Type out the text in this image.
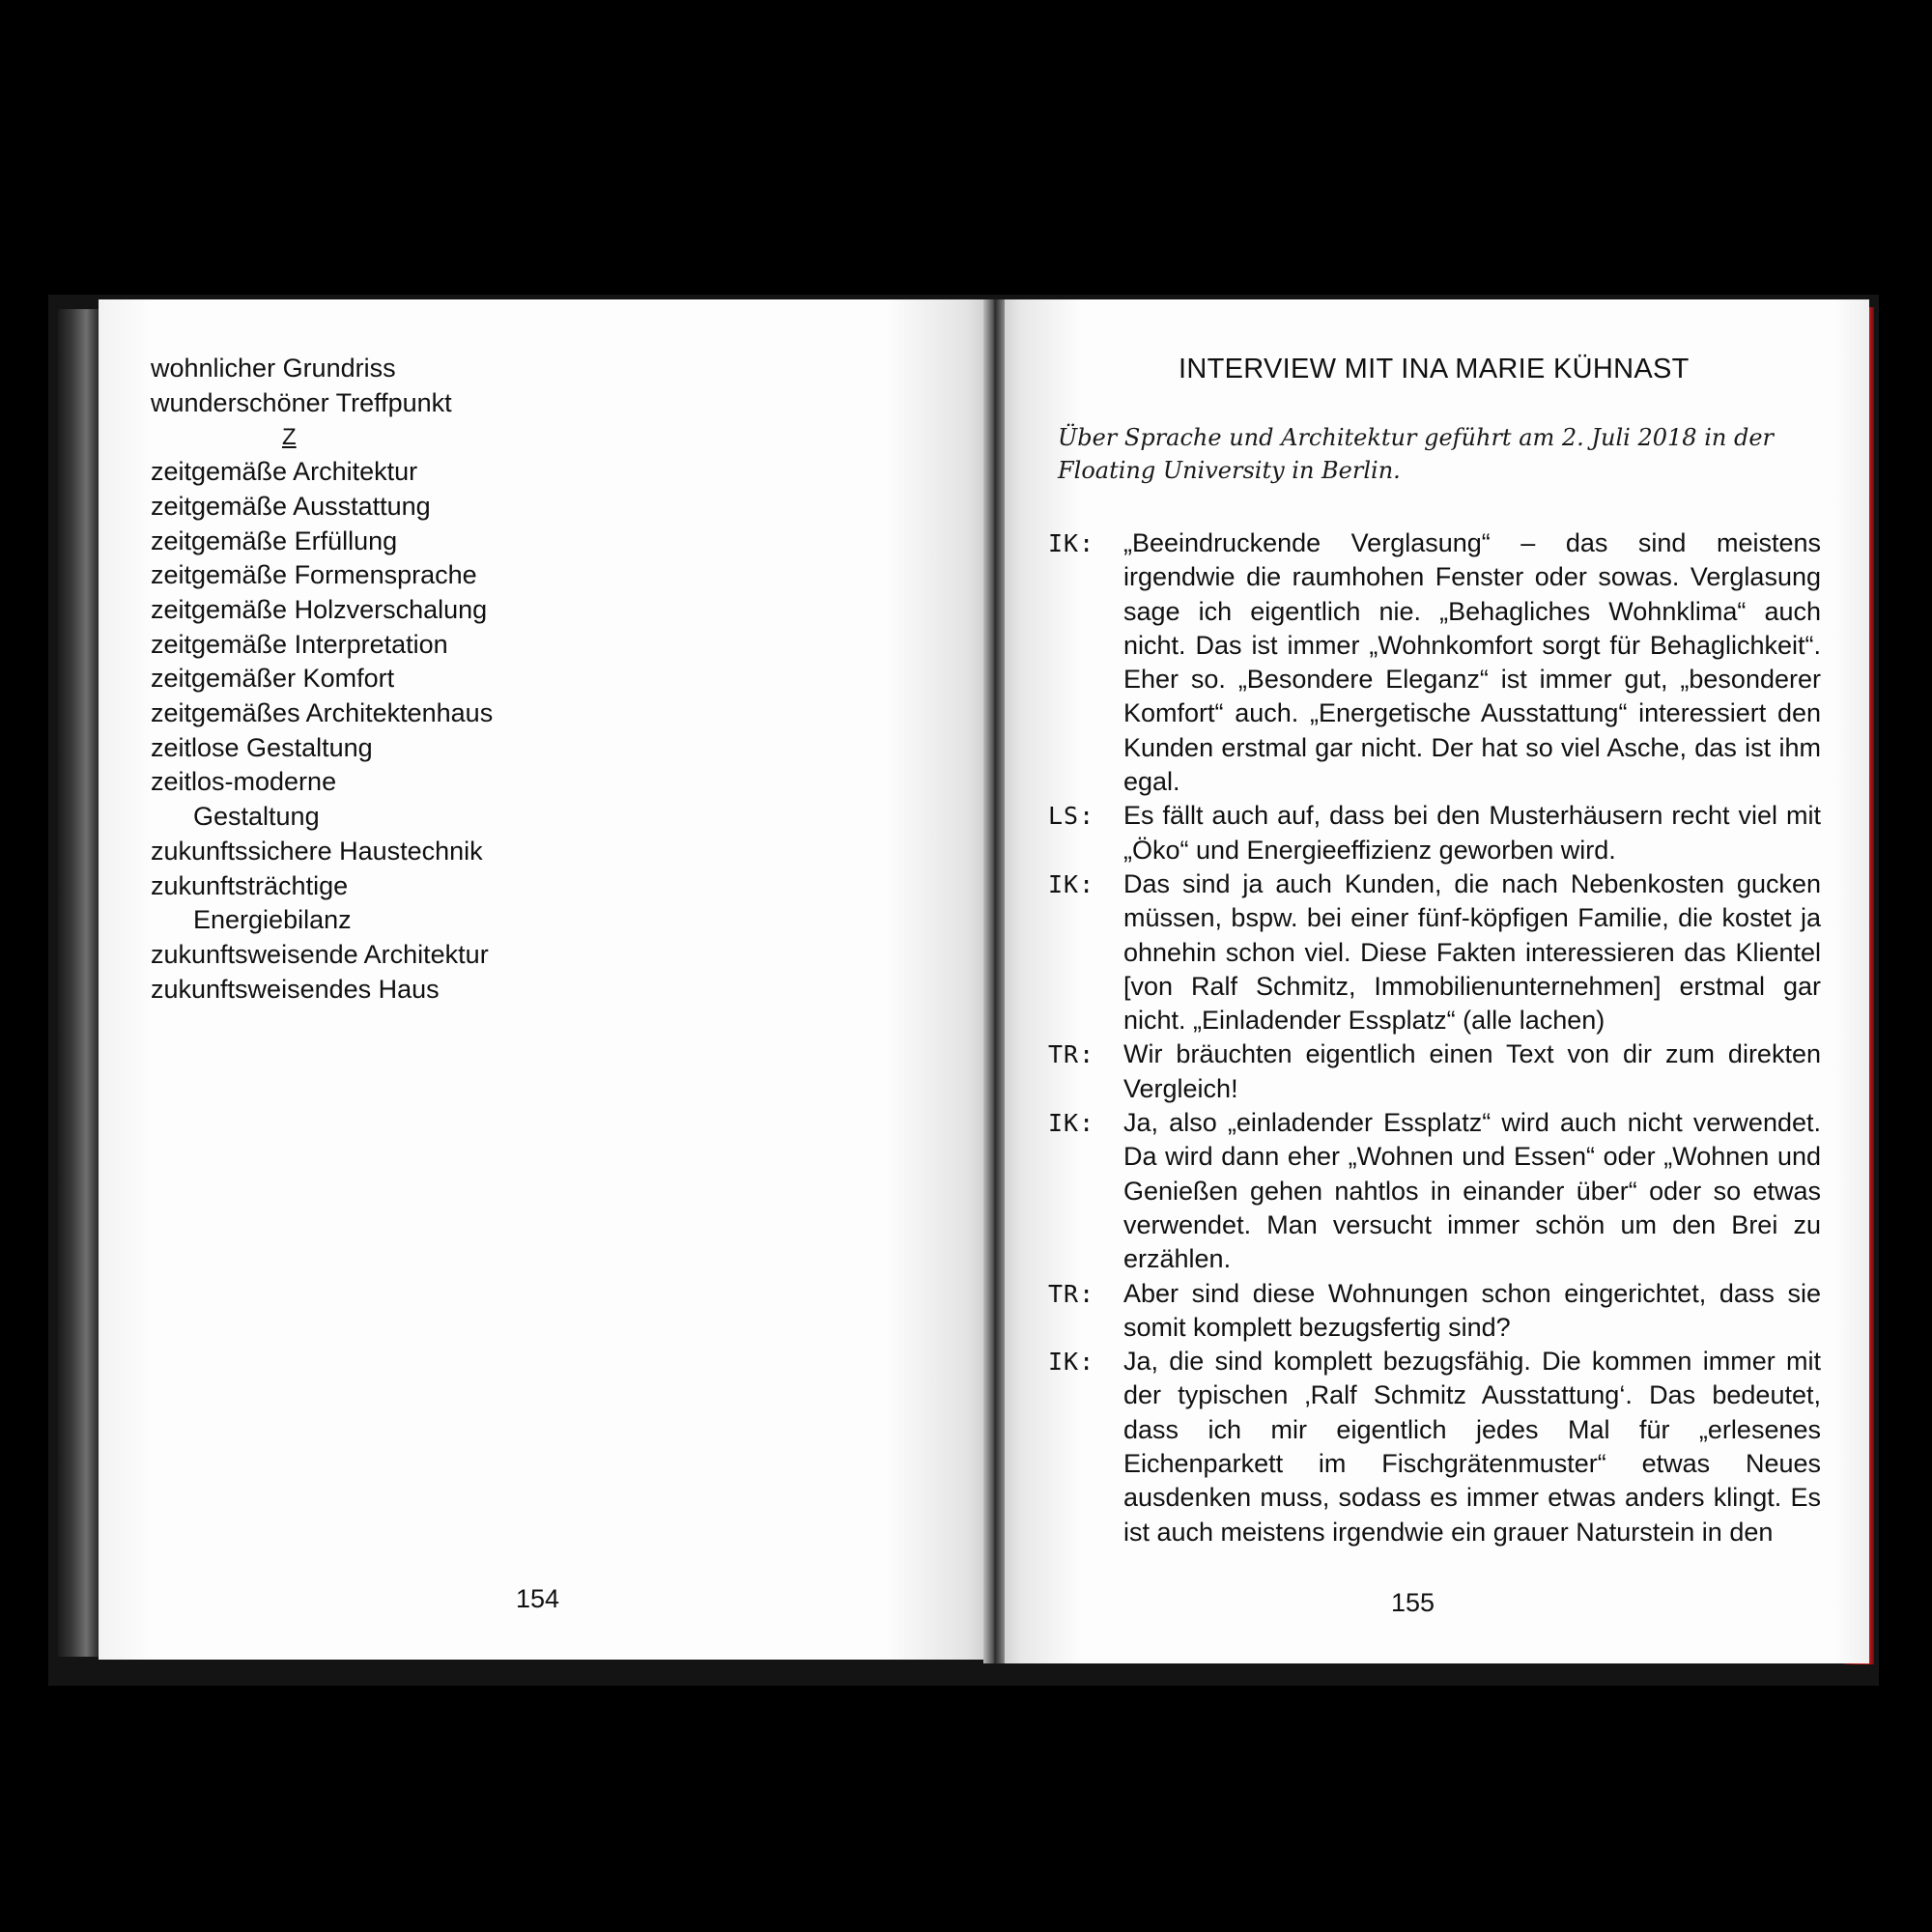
wohnlicher Grundriss
wunderschöner Treffpunkt
Z
zeitgemäße Architektur
zeitgemäße Ausstattung
zeitgemäße Erfüllung
zeitgemäße Formensprache
zeitgemäße Holzverschalung
zeitgemäße Interpretation
zeitgemäßer Komfort
zeitgemäßes Architektenhaus
zeitlose Gestaltung
zeitlos-moderne
Gestaltung
zukunftssichere Haustechnik
zukunftsträchtige
Energiebilanz
zukunftsweisende Architektur
zukunftsweisendes Haus
154
INTERVIEW MIT INA MARIE KÜHNAST
Über Sprache und Architektur geführt am 2. Juli 2018 in der Floating University in Berlin.
IK:	„Beeindruckende Verglasung“ – das sind meistens irgendwie die raumhohen Fenster oder sowas. Verglasung sage ich eigentlich nie. „Behagliches Wohnklima“ auch nicht. Das ist immer „Wohnkomfort sorgt für Behaglichkeit“. Eher so. „Besondere Eleganz“ ist immer gut, „besonderer Komfort“ auch. „Energetische Ausstattung“ interessiert den Kunden erstmal gar nicht. Der hat so viel Asche, das ist ihm egal.
LS:	Es fällt auch auf, dass bei den Musterhäusern recht viel mit „Öko“ und Energieeffizienz geworben wird.
IK:	Das sind ja auch Kunden, die nach Nebenkosten gucken müssen, bspw. bei einer fünf-köpfigen Familie, die kostet ja ohnehin schon viel. Diese Fakten interessieren das Klientel [von Ralf Schmitz, Immobilienunternehmen] erstmal gar nicht. „Einladender Essplatz“ (alle lachen)
TR:	Wir bräuchten eigentlich einen Text von dir zum direkten Vergleich!
IK:	Ja, also „einladender Essplatz“ wird auch nicht verwendet. Da wird dann eher „Wohnen und Essen“ oder „Wohnen und Genießen gehen nahtlos in einander über“ oder so etwas verwendet. Man versucht immer schön um den Brei zu erzählen.
TR:	Aber sind diese Wohnungen schon eingerichtet, dass sie somit komplett bezugsfertig sind?
IK:	Ja, die sind komplett bezugsfähig. Die kommen immer mit der typischen ‚Ralf Schmitz Ausstattung‘. Das bedeutet, dass ich mir eigentlich jedes Mal für „erlesenes Eichenparkett im Fischgrätenmuster“ etwas Neues ausdenken muss, sodass es immer etwas anders klingt. Es ist auch meistens irgendwie ein grauer Naturstein in den
155
